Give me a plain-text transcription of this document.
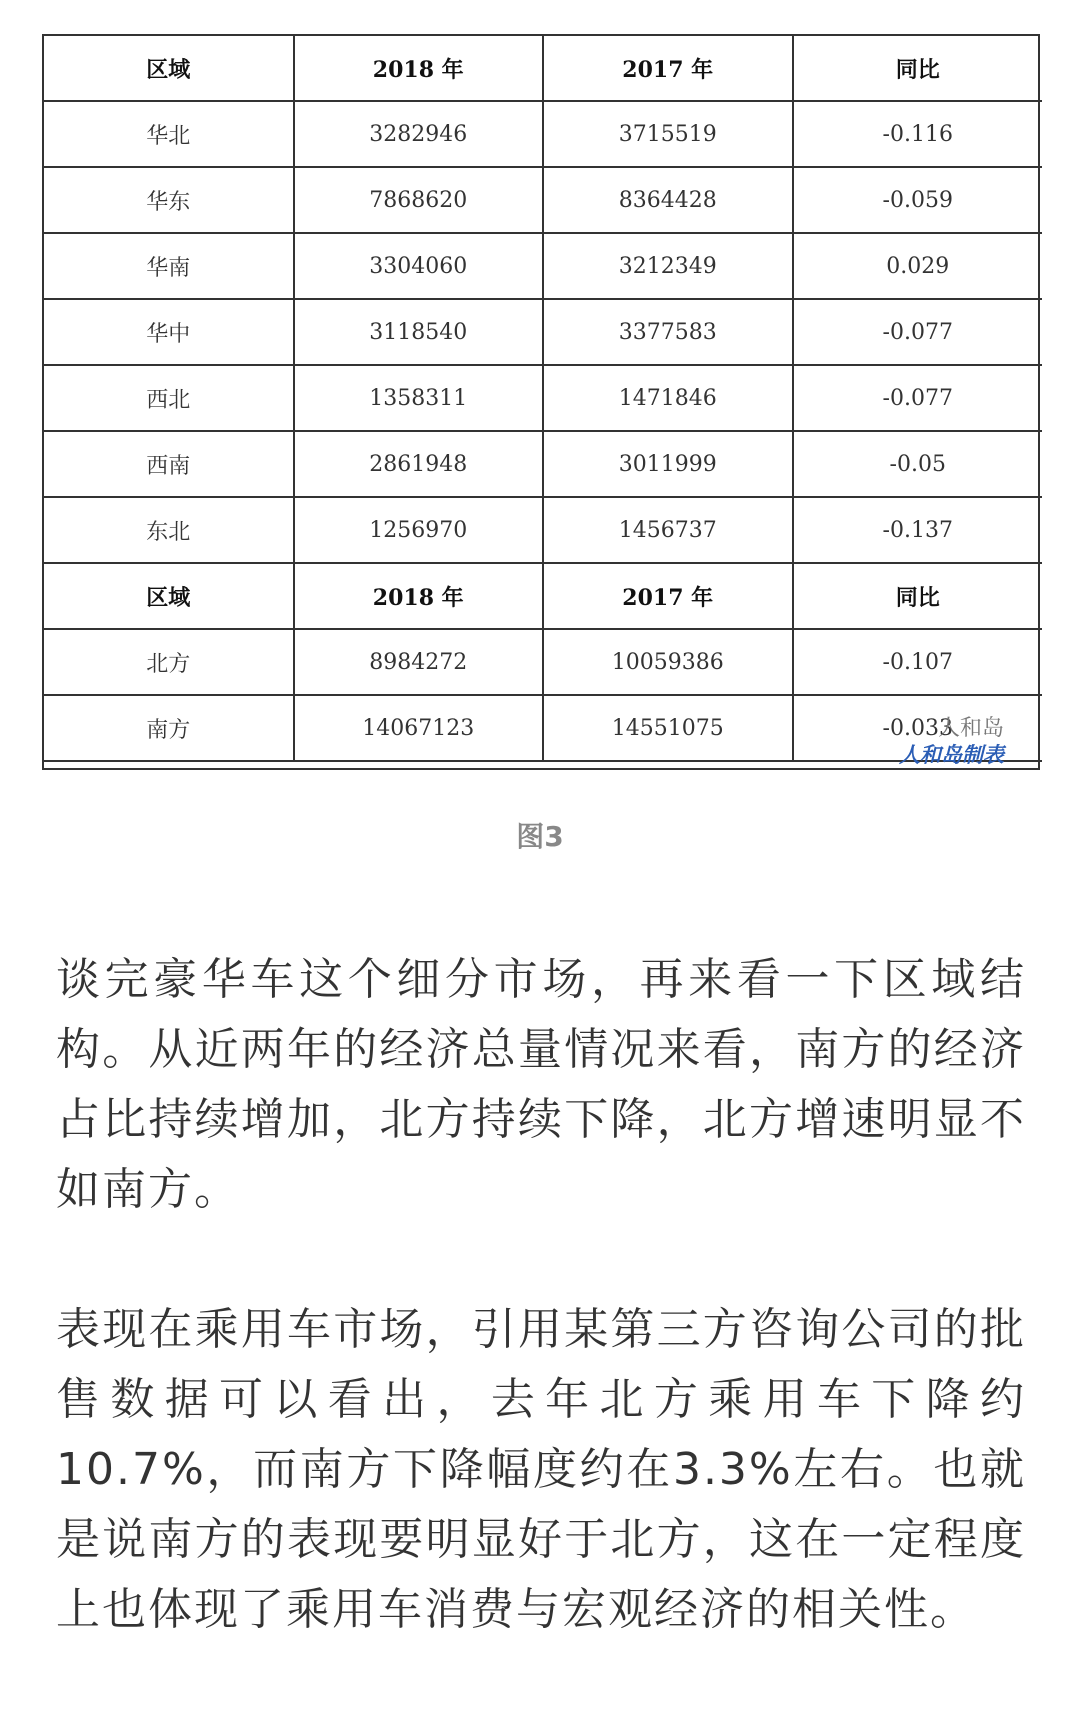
区域	2018 年	2017 年	同比
华北	3282946	3715519	-0.116
华东	7868620	8364428	-0.059
华南	3304060	3212349	0.029
华中	3118540	3377583	-0.077
西北	1358311	1471846	-0.077
西南	2861948	3011999	-0.05
东北	1256970	1456737	-0.137
区域	2018 年	2017 年	同比
北方	8984272	10059386	-0.107
南方	14067123	14551075	-0.033
人和岛
人和岛制表
图3

谈完豪华车这个细分市场，再来看一下区域结构。从近两年的经济总量情况来看，南方的经济占比持续增加，北方持续下降，北方增速明显不如南方。

表现在乘用车市场，引用某第三方咨询公司的批售数据可以看出，去年北方乘用车下降约10.7%，而南方下降幅度约在3.3%左右。也就是说南方的表现要明显好于北方，这在一定程度上也体现了乘用车消费与宏观经济的相关性。
